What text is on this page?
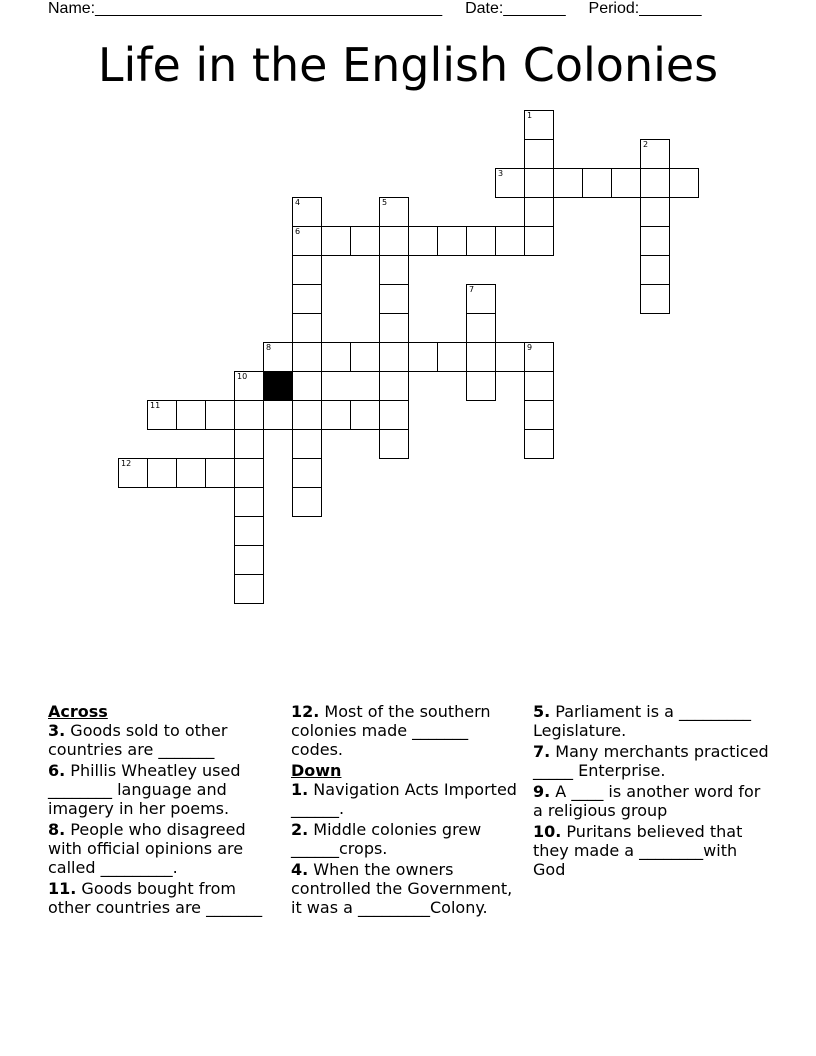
Name:_______________________________________ Date:_______ Period:_______
Life in the English Colonies
1
2
3
4
6
5
7
8	9
10
11
12
Across
3. Goods sold to other countries are _______
6. Phillis Wheatley used ________ language and imagery in her poems.
8. People who disagreed with official opinions are called _________.
11. Goods bought from other countries are _______
12. Most of the southern colonies made _______ codes.
Down
1. Navigation Acts Imported ______.
2. Middle colonies grew ______crops.
4. When the owners controlled the Government, it was a _________Colony.
5. Parliament is a _________ Legislature.
7. Many merchants practiced _____ Enterprise.
9. A ____ is another word for a religious group
10. Puritans believed that they made a ________with God
